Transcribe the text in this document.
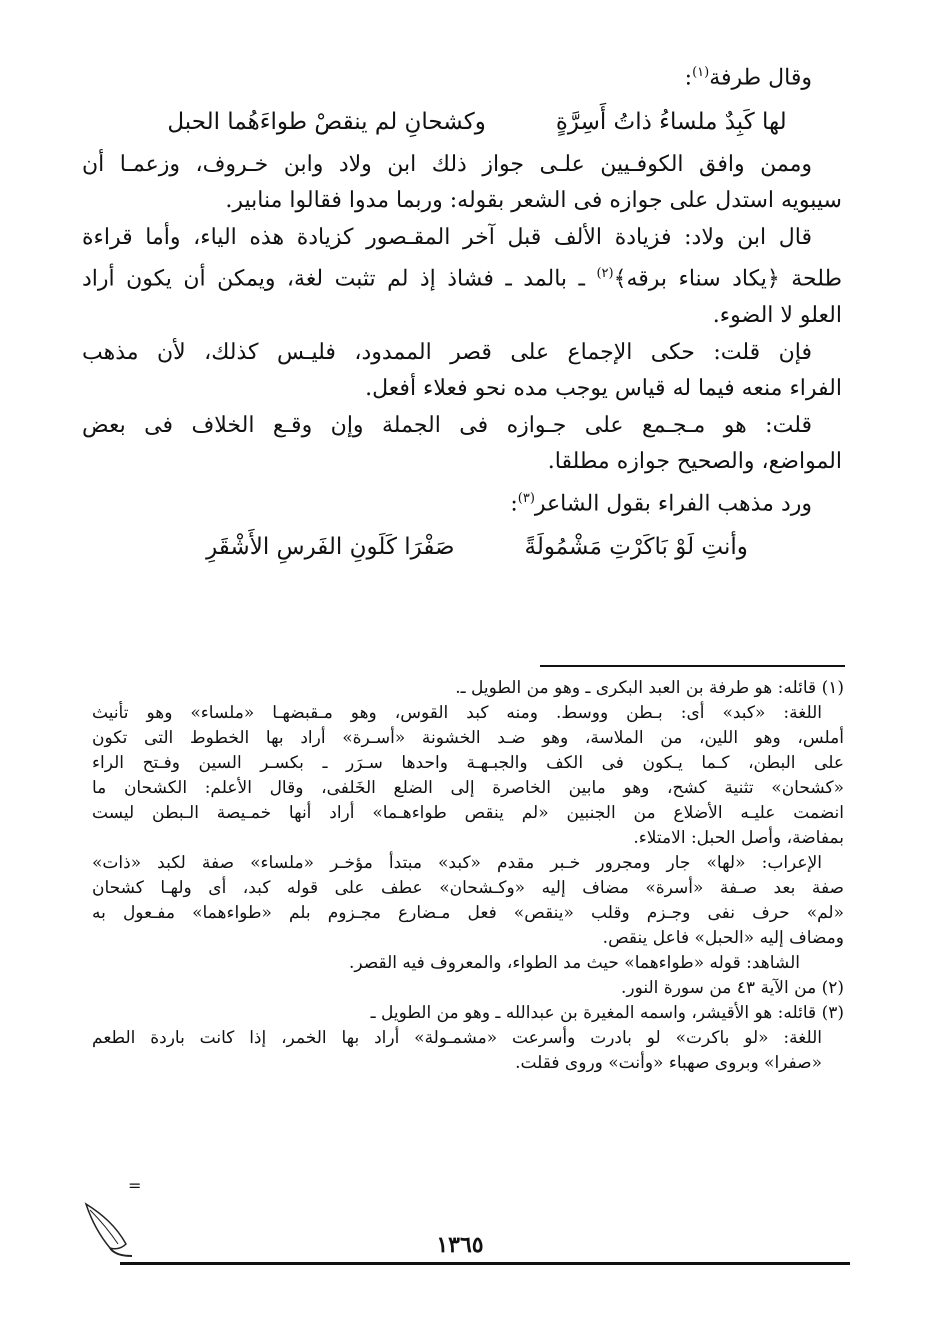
وقال طرفة$^{(١)}$:

لها كَبِدٌ ملساءُ ذاتُ أَسِرَّةٍ
وكشحانِ لم ينقصْ طواءَهُما الحبل

وممن وافق الكوفـيين علـى جواز ذلك ابن ولاد وابن خـروف، وزعمـا أن

سيبويه استدل على جوازه فى الشعر بقوله: وربما مدوا فقالوا منابير.

قال ابن ولاد: فزيادة الألف قبل آخر المقـصور كزيادة هذه الياء، وأما قراءة

طلحة ﴿يكاد سناء برقه﴾$^{(٢)}$ ـ بالمد ـ فشاذ إذ لم تثبت لغة، ويمكن أن يكون أراد

العلو لا الضوء.

فإن قلت: حكى الإجماع على قصر الممدود، فليـس كذلك، لأن مذهب

الفراء منعه فيما له قياس يوجب مده نحو فعلاء أفعل.

قلت: هو مـجـمع على جـوازه فى الجملة وإن وقـع الخلاف فى بعض

المواضع، والصحيح جوازه مطلقا.

ورد مذهب الفراء بقول الشاعر$^{(٣)}$:

وأنتِ لَوْ بَاكَرْتِ مَشْمُولَةً
صَفْرَا كَلَونِ الفَرسِ الأَشْقَرِ

(١) قائله: هو طرفة بن العبد البكرى ـ وهو من الطويل ـ.

اللغة: «كبد» أى: بـطن ووسط. ومنه كبد القوس، وهو مـقبضهـا «ملساء» وهو تأنيث

أملس، وهو اللين، من الملاسة، وهو ضـد الخشونة «أسـرة» أراد بها الخطوط التى تكون

على البطن، كـما يـكون فى الكف والجبـهـة واحدها سـرَر ـ بكسـر السين وفـتح الراء

«كشحان» تثنية كشح، وهو مابين الخاصرة إلى الضلع الخَلفى، وقال الأعلم: الكشحان ما

انضمت عليـه الأضلاع من الجنبين «لم ينقص طواءهـما» أراد أنها خمـيصة الـبطن ليست

بمفاضة، وأصل الحبل: الامتلاء.

الإعراب: «لها» جار ومجرور خـبر مقدم «كبد» مبتدأ مؤخـر «ملساء» صفة لكبد «ذات»

صفة بعد صـفة «أسرة» مضاف إليه «وكـشحان» عطف على قوله كبد، أى ولهـا كشحان

«لم» حرف نفى وجـزم وقلب «ينقص» فعل مـضارع مجـزوم بلم «طواءهما» مفـعول به

ومضاف إليه «الحبل» فاعل ينقص.

الشاهد: قوله «طواءهما» حيث مد الطواء، والمعروف فيه القصر.

(٢) من الآية ٤٣ من سورة النور.

(٣) قائله: هو الأقيشر، واسمه المغيرة بن عبدالله ـ وهو من الطويل ـ

اللغة: «لو باكرت» لو بادرت وأسرعت «مشمـولة» أراد بها الخمر، إذا كانت باردة الطعم

«صفرا» وبروى صهباء «وأنت» وروى فقلت.

=
١٣٦٥
